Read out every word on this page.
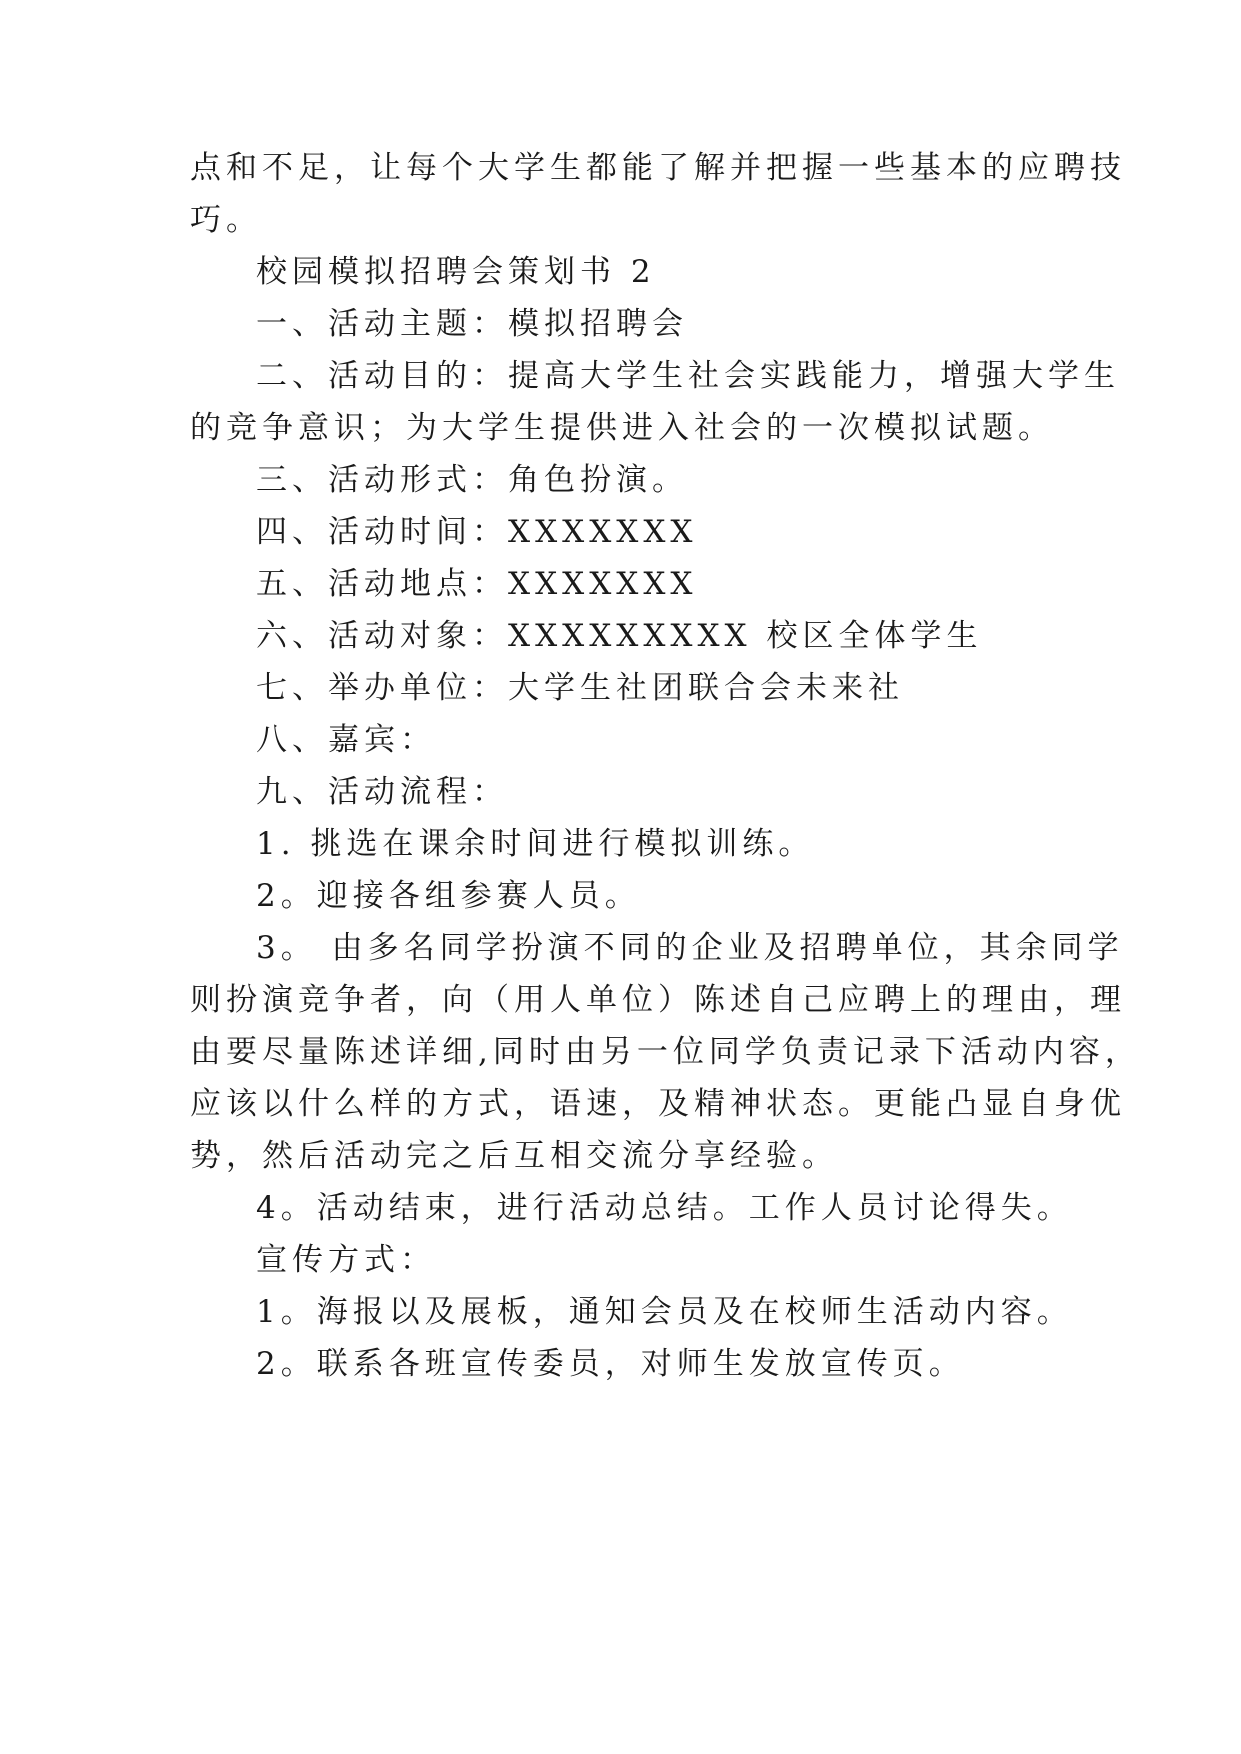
点和不足，让每个大学生都能了解并把握一些基本的应聘技
巧。
校园模拟招聘会策划书 2
一、活动主题：模拟招聘会
二、活动目的：提高大学生社会实践能力，增强大学生
的竞争意识；为大学生提供进入社会的一次模拟试题。
三、活动形式：角色扮演。
四、活动时间：XXXXXXX
五、活动地点：XXXXXXX
六、活动对象：XXXXXXXXX 校区全体学生
七、举办单位：大学生社团联合会未来社
八、嘉宾：
九、活动流程：
1. 挑选在课余时间进行模拟训练。
2。迎接各组参赛人员。
3。 由多名同学扮演不同的企业及招聘单位，其余同学
则扮演竞争者，向（用人单位）陈述自己应聘上的理由，理
由要尽量陈述详细,同时由另一位同学负责记录下活动内容，
应该以什么样的方式，语速，及精神状态。更能凸显自身优
势，然后活动完之后互相交流分享经验。
4。活动结束，进行活动总结。工作人员讨论得失。
宣传方式：
1。海报以及展板，通知会员及在校师生活动内容。
2。联系各班宣传委员，对师生发放宣传页。
